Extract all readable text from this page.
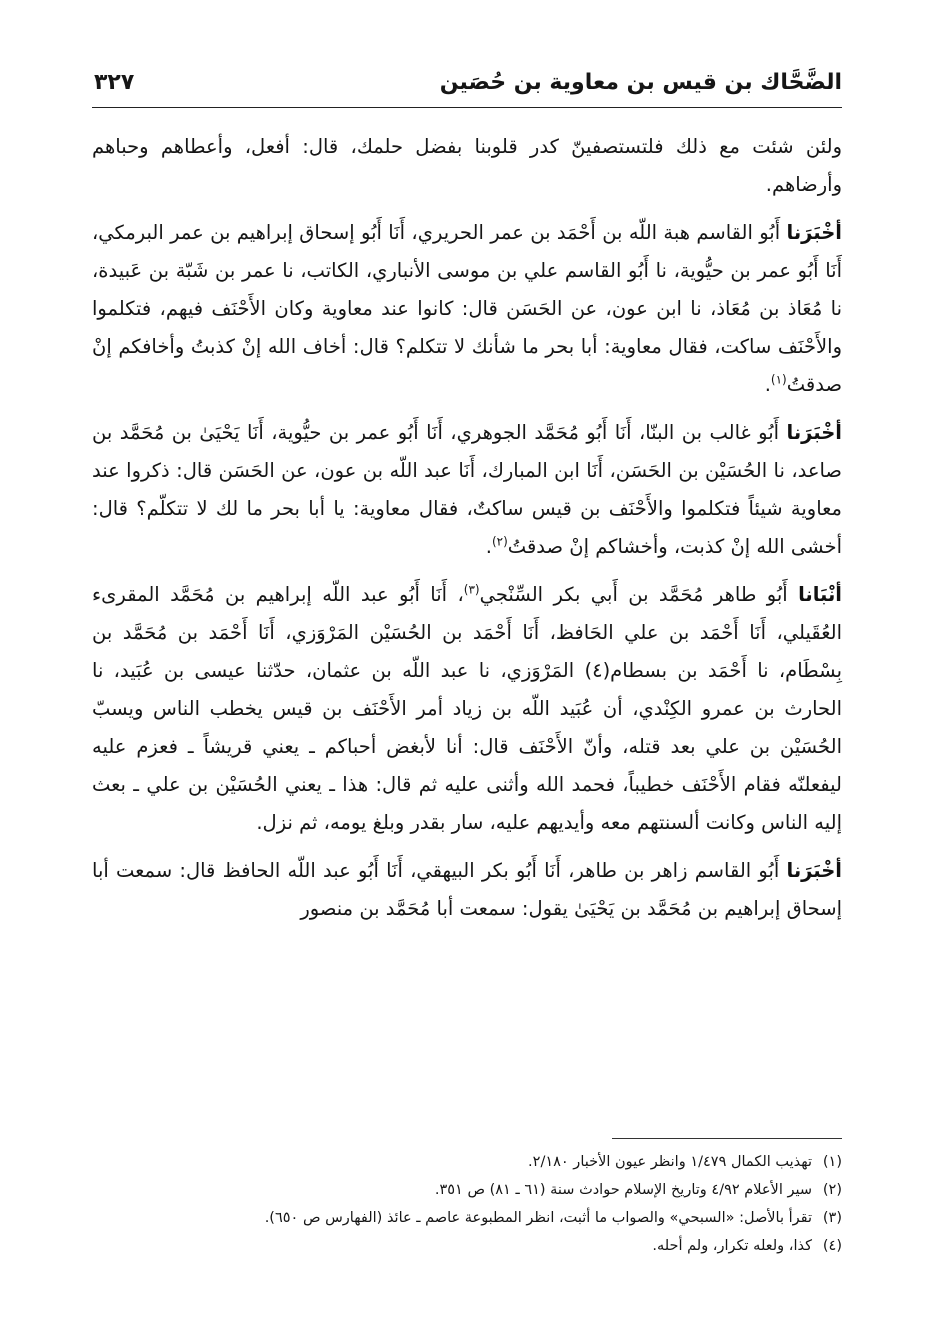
الضَّحَّاك بن قيس بن معاوية بن حُصَين
٣٢٧

ولئن شئت مع ذلك فلتستصفينّ كدر قلوبنا بفضل حلمك، قال: أفعل، وأعطاهم وحباهم وأرضاهم.

أخْبَرَنا أَبُو القاسم هبة اللّه بن أَحْمَد بن عمر الحريري، أَنَا أَبُو إسحاق إبراهيم بن عمر البرمكي، أَنَا أَبُو عمر بن حيُّوية، نا أَبُو القاسم علي بن موسى الأنباري، الكاتب، نا عمر بن شَبّة بن عَبيدة، نا مُعَاذ بن مُعَاذ، نا ابن عون، عن الحَسَن قال: كانوا عند معاوية وكان الأَحْنَف فيهم، فتكلموا والأَحْنَف ساكت، فقال معاوية: أبا بحر ما شأنك لا تتكلم؟ قال: أخاف الله إنْ كذبتُ وأخافكم إنْ صدقتُ$^{(١)}$.

أخْبَرَنا أَبُو غالب بن البنّا، أَنَا أَبُو مُحَمَّد الجوهري، أَنَا أَبُو عمر بن حيُّوية، أَنَا يَحْيَىٰ بن مُحَمَّد بن صاعد، نا الحُسَيْن بن الحَسَن، أَنَا ابن المبارك، أَنَا عبد اللّه بن عون، عن الحَسَن قال: ذكروا عند معاوية شيئاً فتكلموا والأَحْنَف بن قيس ساكتٌ، فقال معاوية: يا أبا بحر ما لك لا تتكلّم؟ قال: أخشى الله إنْ كذبت، وأخشاكم إنْ صدقتُ$^{(٢)}$.

أنْبَانا أَبُو طاهر مُحَمَّد بن أَبي بكر السِّنْجي$^{(٣)}$، أَنَا أَبُو عبد اللّه إبراهيم بن مُحَمَّد المقرىء العُقَيلي، أَنَا أَحْمَد بن علي الحَافظ، أَنَا أَحْمَد بن الحُسَيْن المَرْوَزي، أَنَا أَحْمَد بن مُحَمَّد بن بِسْطَام، نا أَحْمَد بن بسطام(٤) المَرْوَزي، نا عبد اللّه بن عثمان، حدّثنا عيسى بن عُبَيد، نا الحارث بن عمرو الكِنْدي، أن عُبَيد اللّه بن زياد أمر الأَحْنَف بن قيس يخطب الناس ويسبّ الحُسَيْن بن علي بعد قتله، وأنّ الأَحْنَف قال: أنا لأبغض أحباكم ـ يعني قريشاً ـ فعزم عليه ليفعلنّه فقام الأَحْنَف خطيباً، فحمد الله وأثنى عليه ثم قال: هذا ـ يعني الحُسَيْن بن علي ـ بعث إليه الناس وكانت ألسنتهم معه وأيديهم عليه، سار بقدر وبلغ يومه، ثم نزل.

أخْبَرَنا أَبُو القاسم زاهر بن طاهر، أَنَا أَبُو بكر البيهقي، أَنَا أَبُو عبد اللّه الحافظ قال: سمعت أبا إسحاق إبراهيم بن مُحَمَّد بن يَحْيَىٰ يقول: سمعت أبا مُحَمَّد بن منصور

(١)تهذيب الكمال ١/٤٧٩ وانظر عيون الأخبار ٢/١٨٠.

(٢)سير الأعلام ٤/٩٢ وتاريخ الإسلام حوادث سنة (٦١ ـ ٨١) ص ٣٥١.

(٣)تقرأ بالأصل: «السبحي» والصواب ما أثبت، انظر المطبوعة عاصم ـ عائذ (الفهارس ص ٦٥٠).

(٤)كذا، ولعله تكرار، ولم أحله.
